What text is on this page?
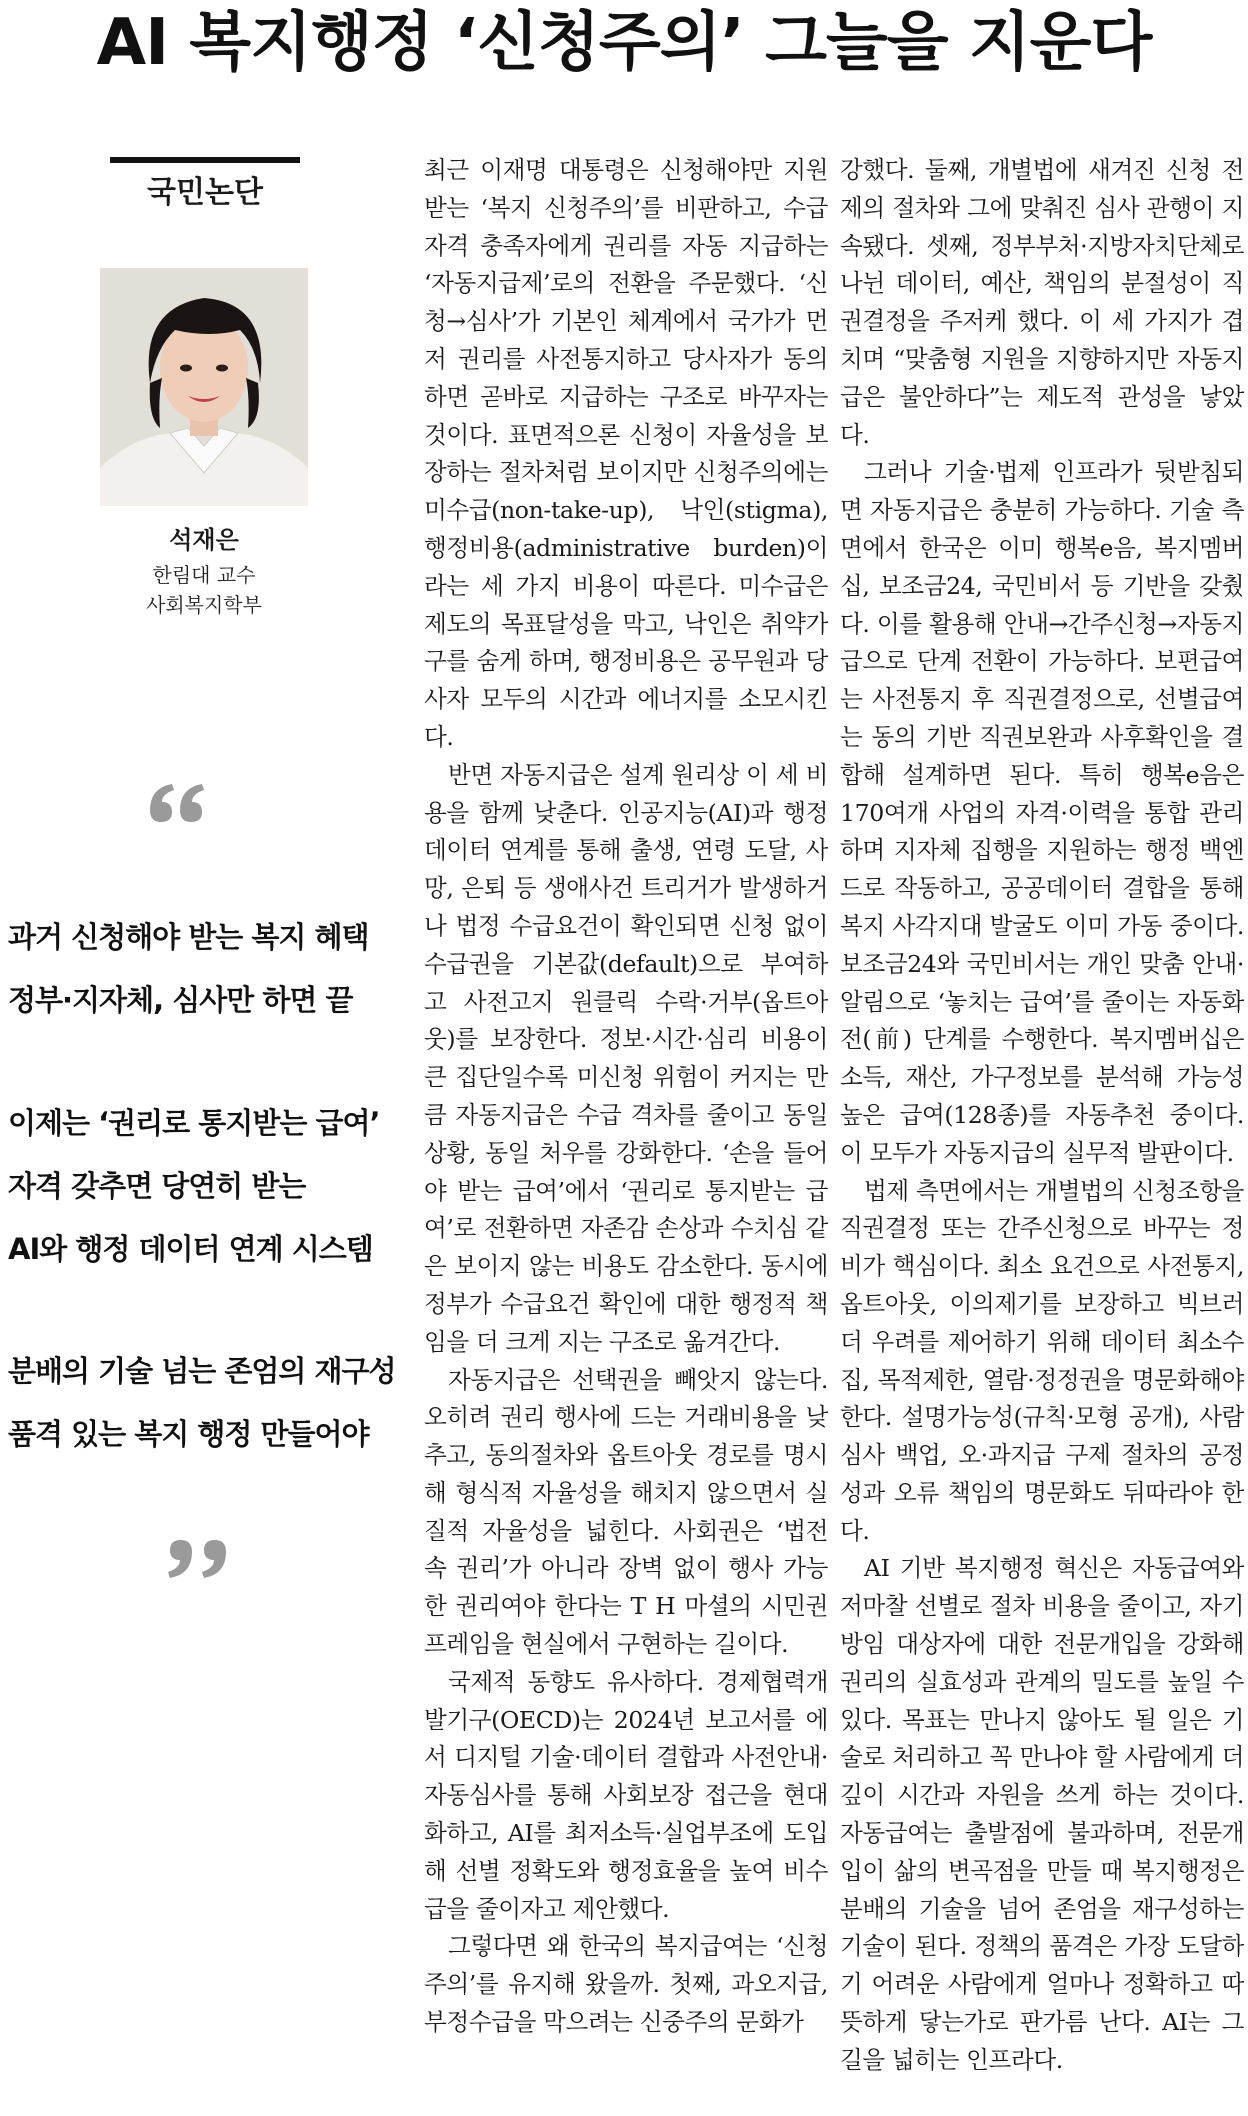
AI 복지행정 ‘신청주의’ 그늘을 지운다
국민논단
석재은
한림대 교수
사회복지학부

과거 신청해야 받는 복지 혜택

정부·지자체, 심사만 하면 끝

이제는 ‘권리로 통지받는 급여’

자격 갖추면 당연히 받는

AI와 행정 데이터 연계 시스템

분배의 기술 넘는 존엄의 재구성

품격 있는 복지 행정 만들어야

최근 이재명 대통령은 신청해야만 지원받는 ‘복지 신청주의’를 비판하고, 수급자격 충족자에게 권리를 자동 지급하는 ‘자동지급제’로의 전환을 주문했다. ‘신청→심사’가 기본인 체계에서 국가가 먼저 권리를 사전통지하고 당사자가 동의하면 곧바로 지급하는 구조로 바꾸자는 것이다. 표면적으론 신청이 자율성을 보장하는 절차처럼 보이지만 신청주의에는 미수급(non-take-up), 낙인(stigma), 행정비용(administrative burden)이라는 세 가지 비용이 따른다. 미수급은 제도의 목표달성을 막고, 낙인은 취약가구를 숨게 하며, 행정비용은 공무원과 당사자 모두의 시간과 에너지를 소모시킨다.

반면 자동지급은 설계 원리상 이 세 비용을 함께 낮춘다. 인공지능(AI)과 행정데이터 연계를 통해 출생, 연령 도달, 사망, 은퇴 등 생애사건 트리거가 발생하거나 법정 수급요건이 확인되면 신청 없이 수급권을 기본값(default)으로 부여하고 사전고지 원클릭 수락·거부(옵트아웃)를 보장한다. 정보·시간·심리 비용이 큰 집단일수록 미신청 위험이 커지는 만큼 자동지급은 수급 격차를 줄이고 동일 상황, 동일 처우를 강화한다. ‘손을 들어야 받는 급여’에서 ‘권리로 통지받는 급여’로 전환하면 자존감 손상과 수치심 같은 보이지 않는 비용도 감소한다. 동시에 정부가 수급요건 확인에 대한 행정적 책임을 더 크게 지는 구조로 옮겨간다.

자동지급은 선택권을 빼앗지 않는다. 오히려 권리 행사에 드는 거래비용을 낮추고, 동의절차와 옵트아웃 경로를 명시해 형식적 자율성을 해치지 않으면서 실질적 자율성을 넓힌다. 사회권은 ‘법전 속 권리’가 아니라 장벽 없이 행사 가능한 권리여야 한다는 T H 마셜의 시민권 프레임을 현실에서 구현하는 길이다.

국제적 동향도 유사하다. 경제협력개발기구(OECD)는 2024년 보고서를 에서 디지털 기술·데이터 결합과 사전안내·자동심사를 통해 사회보장 접근을 현대화하고, AI를 최저소득·실업부조에 도입해 선별 정확도와 행정효율을 높여 비수급을 줄이자고 제안했다.

그렇다면 왜 한국의 복지급여는 ‘신청주의’를 유지해 왔을까. 첫째, 과오지급, 부정수급을 막으려는 신중주의 문화가

강했다. 둘째, 개별법에 새겨진 신청 전제의 절차와 그에 맞춰진 심사 관행이 지속됐다. 셋째, 정부부처·지방자치단체로 나뉜 데이터, 예산, 책임의 분절성이 직권결정을 주저케 했다. 이 세 가지가 겹치며 “맞춤형 지원을 지향하지만 자동지급은 불안하다”는 제도적 관성을 낳았다.

그러나 기술·법제 인프라가 뒷받침되면 자동지급은 충분히 가능하다. 기술 측면에서 한국은 이미 행복e음, 복지멤버십, 보조금24, 국민비서 등 기반을 갖췄다. 이를 활용해 안내→간주신청→자동지급으로 단계 전환이 가능하다. 보편급여는 사전통지 후 직권결정으로, 선별급여는 동의 기반 직권보완과 사후확인을 결합해 설계하면 된다. 특히 행복e음은 170여개 사업의 자격·이력을 통합 관리하며 지자체 집행을 지원하는 행정 백엔드로 작동하고, 공공데이터 결합을 통해 복지 사각지대 발굴도 이미 가동 중이다. 보조금24와 국민비서는 개인 맞춤 안내·알림으로 ‘놓치는 급여’를 줄이는 자동화 전(前) 단계를 수행한다. 복지멤버십은 소득, 재산, 가구정보를 분석해 가능성 높은 급여(128종)를 자동추천 중이다. 이 모두가 자동지급의 실무적 발판이다.

법제 측면에서는 개별법의 신청조항을 직권결정 또는 간주신청으로 바꾸는 정비가 핵심이다. 최소 요건으로 사전통지, 옵트아웃, 이의제기를 보장하고 빅브러더 우려를 제어하기 위해 데이터 최소수집, 목적제한, 열람·정정권을 명문화해야 한다. 설명가능성(규칙·모형 공개), 사람 심사 백업, 오·과지급 구제 절차의 공정성과 오류 책임의 명문화도 뒤따라야 한다.

AI 기반 복지행정 혁신은 자동급여와 저마찰 선별로 절차 비용을 줄이고, 자기방임 대상자에 대한 전문개입을 강화해 권리의 실효성과 관계의 밀도를 높일 수 있다. 목표는 만나지 않아도 될 일은 기술로 처리하고 꼭 만나야 할 사람에게 더 깊이 시간과 자원을 쓰게 하는 것이다. 자동급여는 출발점에 불과하며, 전문개입이 삶의 변곡점을 만들 때 복지행정은 분배의 기술을 넘어 존엄을 재구성하는 기술이 된다. 정책의 품격은 가장 도달하기 어려운 사람에게 얼마나 정확하고 따뜻하게 닿는가로 판가름 난다. AI는 그 길을 넓히는 인프라다.
